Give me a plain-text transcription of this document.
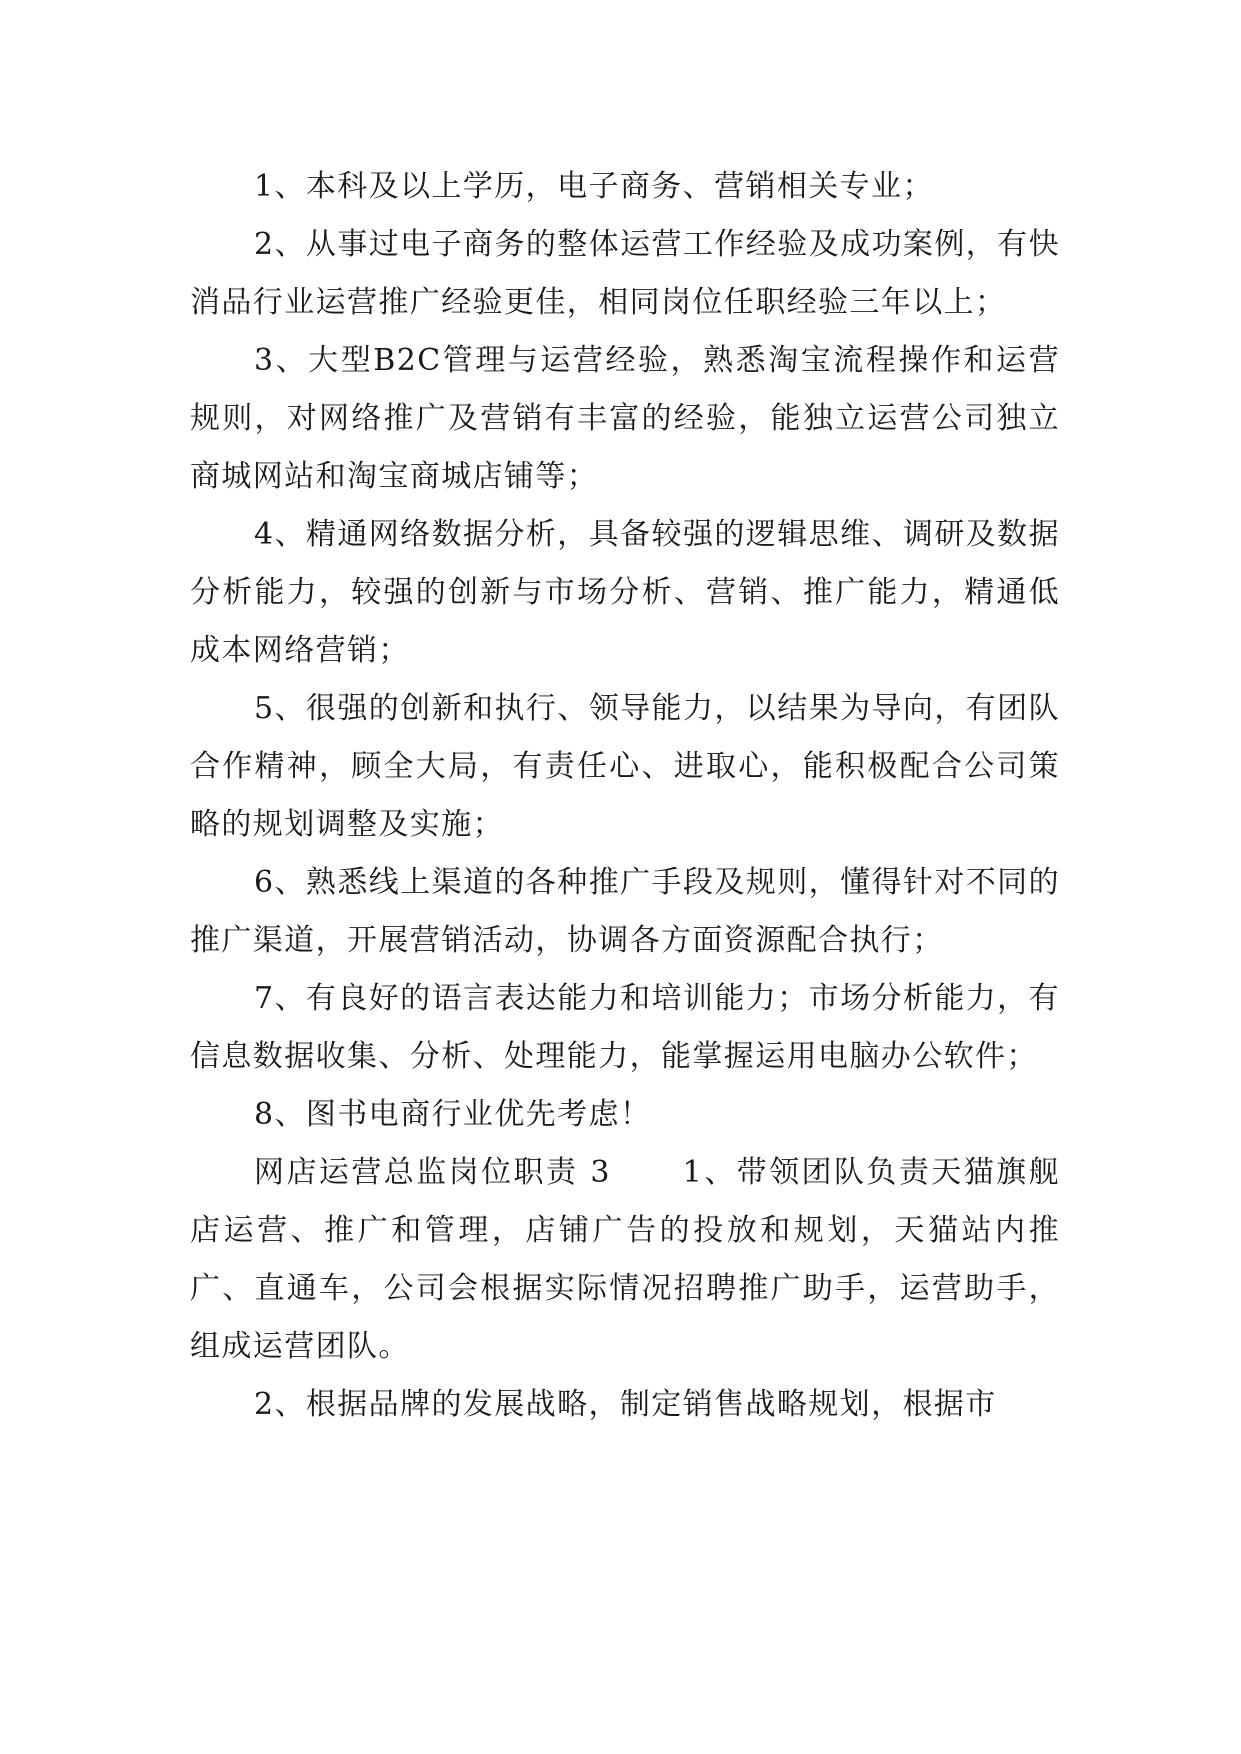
1、本科及以上学历，电子商务、营销相关专业；

2、从事过电子商务的整体运营工作经验及成功案例，有快消品行业运营推广经验更佳，相同岗位任职经验三年以上；

3、大型B2C管理与运营经验，熟悉淘宝流程操作和运营规则，对网络推广及营销有丰富的经验，能独立运营公司独立商城网站和淘宝商城店铺等；

4、精通网络数据分析，具备较强的逻辑思维、调研及数据分析能力，较强的创新与市场分析、营销、推广能力，精通低成本网络营销；

5、很强的创新和执行、领导能力，以结果为导向，有团队合作精神，顾全大局，有责任心、进取心，能积极配合公司策略的规划调整及实施；

6、熟悉线上渠道的各种推广手段及规则，懂得针对不同的推广渠道，开展营销活动，协调各方面资源配合执行；

7、有良好的语言表达能力和培训能力；市场分析能力，有信息数据收集、分析、处理能力，能掌握运用电脑办公软件；

8、图书电商行业优先考虑！

网店运营总监岗位职责 3      1、带领团队负责天猫旗舰店运营、推广和管理，店铺广告的投放和规划，天猫站内推广、直通车，公司会根据实际情况招聘推广助手，运营助手，组成运营团队。

2、根据品牌的发展战略，制定销售战略规划，根据市
